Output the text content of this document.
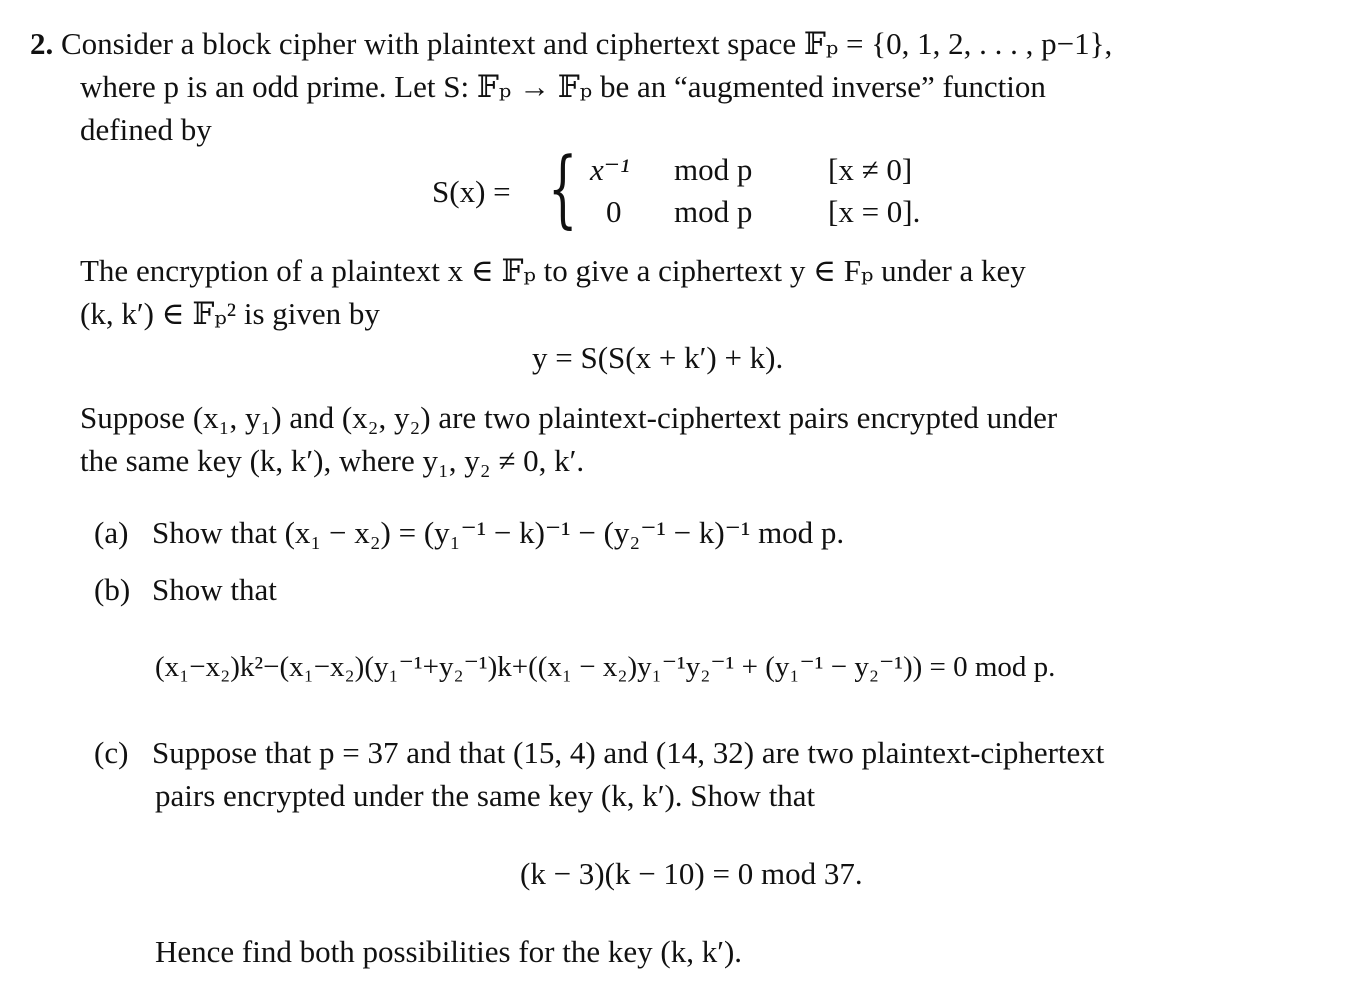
2. Consider a block cipher with plaintext and ciphertext space 𝔽ₚ = {0, 1, 2, . . . , p−1},
where p is an odd prime. Let S: 𝔽ₚ → 𝔽ₚ be an “augmented inverse” function
defined by
S(x) = { x⁻¹ mod p [x ≠ 0]
0 mod p [x = 0].
The encryption of a plaintext x ∈ 𝔽ₚ to give a ciphertext y ∈ Fₚ under a key
(k, k′) ∈ 𝔽ₚ² is given by
y = S(S(x + k′) + k).
Suppose (x₁, y₁) and (x₂, y₂) are two plaintext-ciphertext pairs encrypted under
the same key (k, k′), where y₁, y₂ ≠ 0, k′.
(a) Show that (x₁ − x₂) = (y₁⁻¹ − k)⁻¹ − (y₂⁻¹ − k)⁻¹ mod p.
(b) Show that
(x₁−x₂)k²−(x₁−x₂)(y₁⁻¹+y₂⁻¹)k+((x₁ − x₂)y₁⁻¹y₂⁻¹ + (y₁⁻¹ − y₂⁻¹)) = 0 mod p.
(c) Suppose that p = 37 and that (15, 4) and (14, 32) are two plaintext-ciphertext
pairs encrypted under the same key (k, k′). Show that
(k − 3)(k − 10) = 0 mod 37.
Hence find both possibilities for the key (k, k′).
